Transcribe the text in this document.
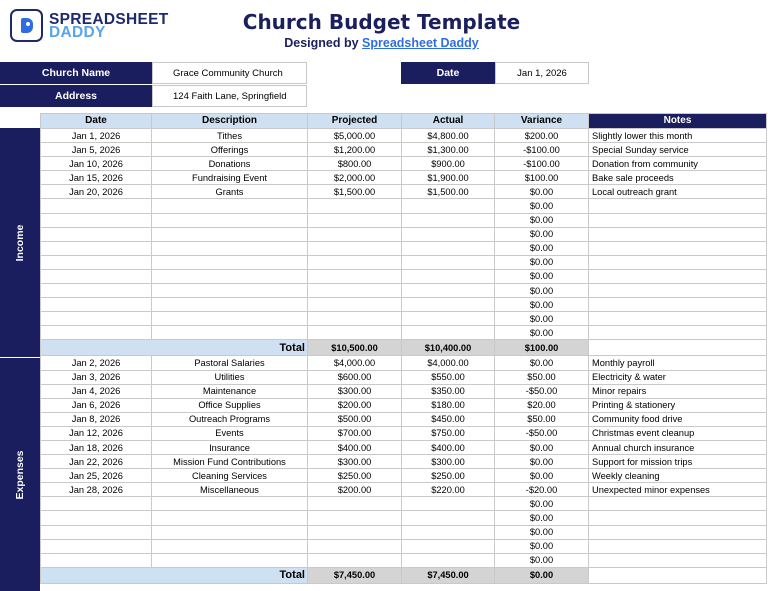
SPREADSHEET
DADDY	Church Budget Template
Designed by Spreadsheet Daddy
Church Name	Grace Community Church	Date	Jan 1, 2026
Address	124 Faith Lane, Springfield
Income
Expenses
Date	Description	Projected	Actual	Variance	Notes
Jan 1, 2026	Tithes	$5,000.00	$4,800.00	$200.00	Slightly lower this month
Jan 5, 2026	Offerings	$1,200.00	$1,300.00	-$100.00	Special Sunday service
Jan 10, 2026	Donations	$800.00	$900.00	-$100.00	Donation from community
Jan 15, 2026	Fundraising Event	$2,000.00	$1,900.00	$100.00	Bake sale proceeds
Jan 20, 2026	Grants	$1,500.00	$1,500.00	$0.00	Local outreach grant
				$0.00	
				$0.00	
				$0.00	
				$0.00	
				$0.00	
				$0.00	
				$0.00	
				$0.00	
				$0.00	
				$0.00	
Total		$10,500.00	$10,400.00	$100.00	
Jan 2, 2026	Pastoral Salaries	$4,000.00	$4,000.00	$0.00	Monthly payroll
Jan 3, 2026	Utilities	$600.00	$550.00	$50.00	Electricity & water
Jan 4, 2026	Maintenance	$300.00	$350.00	-$50.00	Minor repairs
Jan 6, 2026	Office Supplies	$200.00	$180.00	$20.00	Printing & stationery
Jan 8, 2026	Outreach Programs	$500.00	$450.00	$50.00	Community food drive
Jan 12, 2026	Events	$700.00	$750.00	-$50.00	Christmas event cleanup
Jan 18, 2026	Insurance	$400.00	$400.00	$0.00	Annual church insurance
Jan 22, 2026	Mission Fund Contributions	$300.00	$300.00	$0.00	Support for mission trips
Jan 25, 2026	Cleaning Services	$250.00	$250.00	$0.00	Weekly cleaning
Jan 28, 2026	Miscellaneous	$200.00	$220.00	-$20.00	Unexpected minor expenses
				$0.00	
				$0.00	
				$0.00	
				$0.00	
				$0.00	
Total		$7,450.00	$7,450.00	$0.00	
